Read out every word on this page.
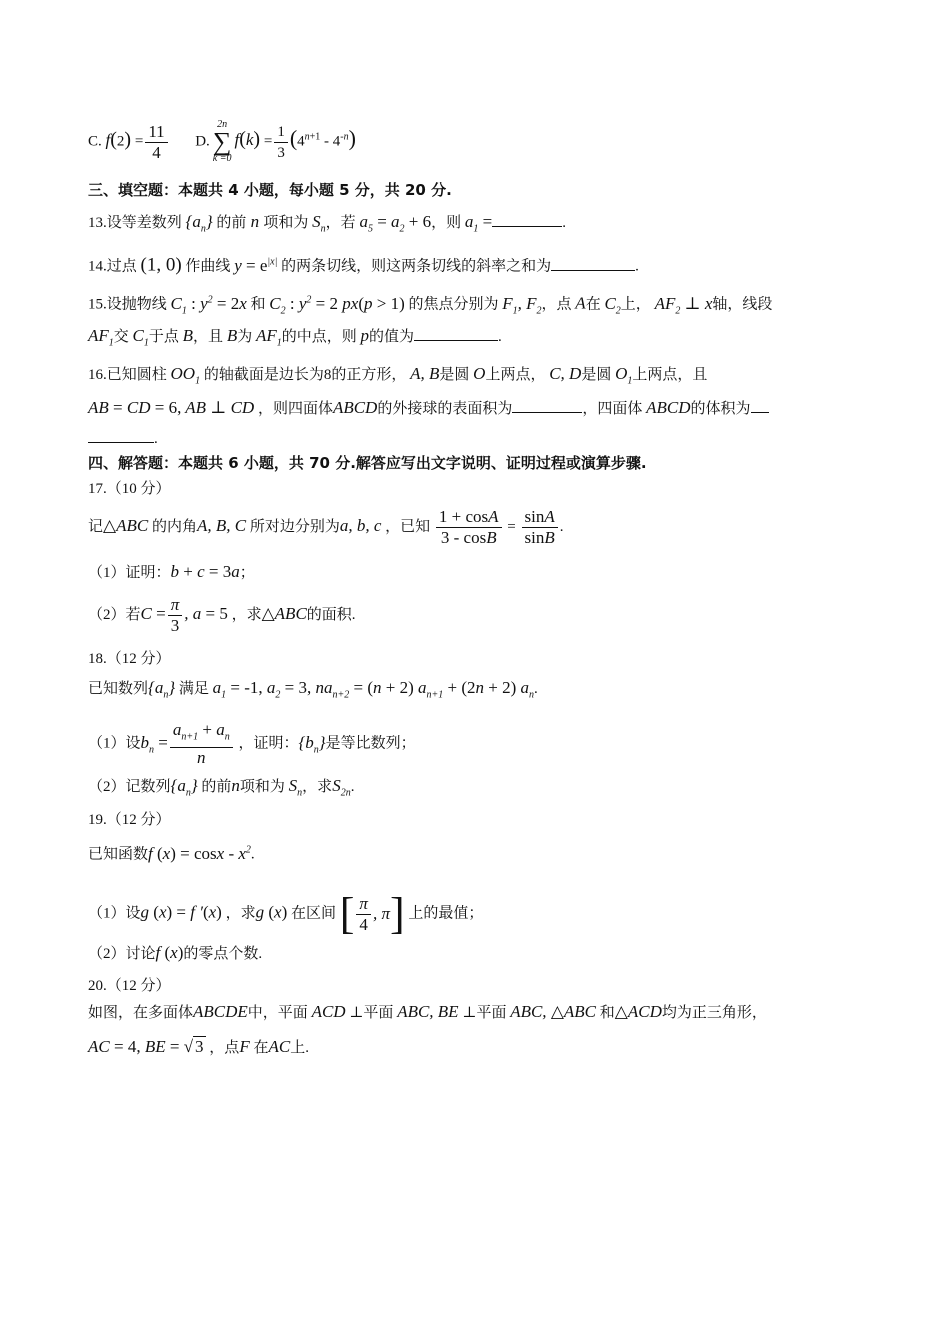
C. $f(2) = \frac{11}{4} D$.
2n
∑
k =0
$f(k) = \frac{1}{3} (4^{n+1} - 4^{-n})$
三、填空题：本题共 4 小题，每小题 5 分，共 20 分.
13.设等差数列 $\{a_n\}$ 的前 n 项和为 $S_n$，若 $a_5 = a_2 + 6$，则 $a_1$ =	.
14.过点 (1, 0) 作曲线 $y = e^{|x|}$ 的两条切线，则这两条切线的斜率之和为	.
15.设抛物线 $C_1$ : $y^2 = 2x$ 和 $C_2$ : $y^2 = 2$ px(p > 1) 的焦点分别为 $F_1$, $F_2$，点 A在 $C_2$上， $AF_2$ ⊥ x轴，线段
$AF_1$交 $C_1$于点 B，且 B为 $AF_1$的中点，则 p的值为	.
16.已知圆柱 $OO_1$ 的轴截面是边长为8的正方形， A, B是圆 O上两点， C, D是圆 $O_1$上两点，且
AB = CD = 6, AB ⊥ CD ，则四面体ABCD的外接球的表面积为	，四面体 ABCD的体积为
.
四、解答题：本题共 6 小题，共 70 分.解答应写出文字说明、证明过程或演算步骤.
17.（10 分）
记△ABC 的内角A, B, C 所对边分别为a, b, c ，已知 $\frac{1 + \cos A}{3 - \cos B} = \frac{\sin A}{\sin B}$ .
（1）证明：b + c = 3a；
（2）若$C = \frac{\pi}{3}$ , a = 5 ，求△ABC的面积.
18.（12 分）
已知数列$\{a_n\}$ 满足 $a_1 = -1$, $a_2 = 3$, $na_{n+2} = (n + 2) a_{n+1} + (2n + 2)$ $a_n$.
（1）设$b_n = \frac{a_{n+1} + a_n}{n}$ ，证明：$\{b_n\}$是等比数列；
（2）记数列$\{a_n\}$ 的前n项和为 $S_n$，求$S_{2n}$.
19.（12 分）
已知函数f $(x) = \cos x - x^2$.
（1）设g (x) = f ′(x) ，求g (x) 在区间 [ $\frac{\pi}{4}$ , π ] 上的最值；
（2）讨论f (x)的零点个数.
20.（12 分）
如图，在多面体ABCDE中，平面 ACD ⊥平面 ABC, BE ⊥平面 ABC, △ABC 和△ACD均为正三角形，
AC = 4, BE = √ 3 ，点F 在AC上.
